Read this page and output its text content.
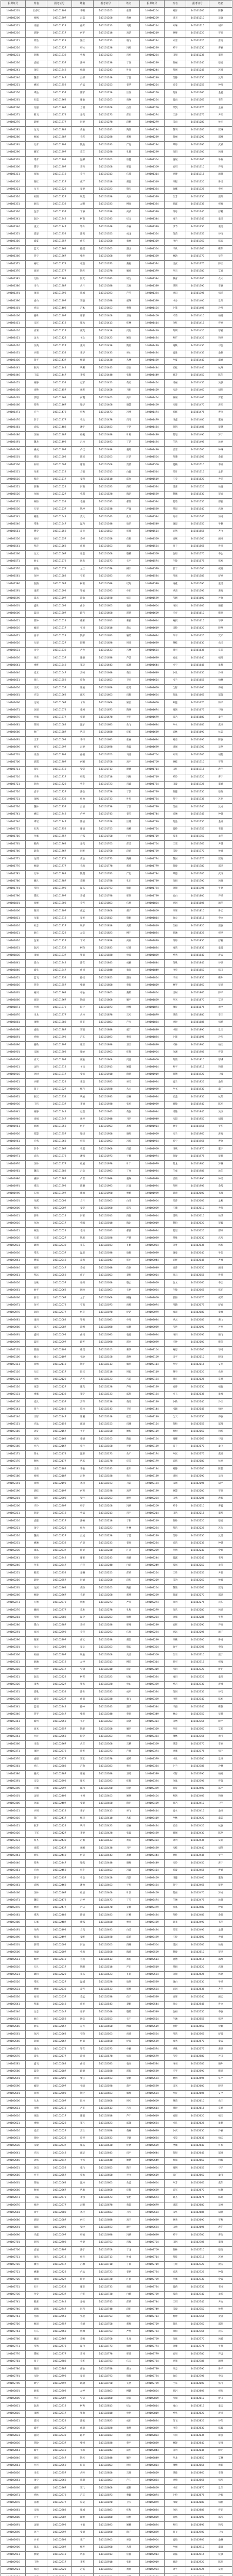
报考证号	姓名	报考证号	姓名	报考证号	姓名	报考证号	姓名	报考证号	姓名
140101201	王春红	140101202	李明	140101203	张伟	140101204	刘洋	140101205	陈静
140101206	杨帆	140101207	赵磊	140101208	黄丽	140101209	周杰	140101210	吴敏
140101211	徐强	140101212	孙芳	140101213	马超	140101214	朱琳	140101215	胡军
140101216	郭静	140101217	何平	140101218	高洁	140101219	林峰	140101220	罗娟
140101221	郑浩	140101222	梁红	140101223	谢飞	140101224	宋雪	140101225	唐亮
140101226	许丹	140101227	韩冰	140101228	冯婷	140101229	邓宇	140101230	曹颖
140101231	彭鹏	140101232	曾梅	140101233	肖勇	140101234	田甜	140101235	董明
140101236	袁媛	140101237	潘涛	140101238	于洋	140101239	蒋丽	140101240	蔡旭
140101241	余佳	140101242	杜鹃	140101243	叶青	140101244	程刚	140101245	苏晴
140101246	魏东	140101247	吕娜	140101248	丁磊	140101249	任静	140101250	沈阳
140101251	姚瑶	140101252	卢斌	140101253	姜华	140101254	崔莹	140101255	钟鸣
140101256	谭晶	140101257	陆军	140101258	汪洋	140101259	范冰	140101260	金鑫
140101261	石磊	140101262	廖敏	140101263	贾琳	140101264	夏雨	140101265	韦伟
140101266	付强	140101267	方圆	140101268	白雪	140101269	邹凯	140101270	孟丽
140101271	熊飞	140101272	秦岚	140101273	邱实	140101274	江涛	140101275	尹红
140101276	薛峰	140101277	闫静	140101278	段鹏	140101279	雷雨	140101280	侯杰
140101281	龙飞	140101282	史敏	140101283	陶然	140101284	黎明	140101285	贺琳
140101286	顾城	140101287	毛雪	140101288	郝帅	140101289	龚丽	140101290	邵峰
140101291	万青	140101292	钱进	140101293	严宽	140101294	覃婷	140101295	武斌
140101296	戴军	140101297	莫言	140101298	孔静	140101299	向阳	140101300	汤圆
140101301	常青	140101302	温馨	140101303	康健	140101304	施展	140101305	牛犇
140101306	樊华	140101307	葛亮	140101308	邢磊	140101309	安琪	140101310	齐鸣
140101311	易航	140101312	乔丹	140101313	伍佳	140101314	庞博	140101315	颜晨
140101316	倪红	140101317	庄严	140101318	聂磊	140101319	章程	140101320	鲁迅
140101321	岳飞	140101322	翟静	140101323	殷实	140101324	詹娜	140101325	申军
140101326	欧阳	140101327	耿直	140101328	关羽	140101329	兰芳	140101330	焦阳
140101331	俞洁	140101332	左明	140101333	柳青	140101334	甘霖	140101335	祝福
140101336	包容	140101337	宁静	140101338	尚武	140101339	符号	140101340	舒畅
140101341	阮玲	140101342	柯南	140101343	纪元	140101344	梅兰	140101345	童瑶
140101346	凌云	140101347	毕升	140101348	单丽	140101349	季节	140101350	裴勇
140101351	霍思	140101352	涂鸦	140101353	成龙	140101354	苗苗	140101355	谷雨
140101356	盛夏	140101357	曲艺	140101358	翁丽	140101359	冉冉	140101360	骆宾
140101361	蓝天	140101362	路遥	140101363	游戈	140101364	辛欣	140101365	靳东
140101366	管宁	140101367	柴进	140101368	蒙恬	140101369	鲍勃	140101370	华佗
140101371	喻红	140101372	祁连	140101373	蒲松	140101374	房玄	140101375	滕王
140101376	屈原	140101377	饶舌	140101378	解放	140101379	牟宗	140101380	艾青
140101381	尤物	140101382	阳光	140101383	时光	140101384	穆青	140101385	农夫
140101386	司马	140101387	古月	140101388	吉祥	140101389	缪斯	140101390	车辆
140101391	项羽	140101392	连城	140101393	芦苇	140101394	麦田	140101395	褚遂
140101396	娄山	140101397	窦娥	140101398	戚继	140101399	岑参	140101400	景阳
140101401	党员	140101402	宫本	140101403	费翔	140101404	卜算	140101405	冷月
140101406	晏殊	140101407	席慕	140101408	卫青	140101409	米芾	140101410	柏杨
140101411	宗泽	140101412	瞿秋	140101413	桂林	140101414	全红	140101415	佟丽
140101416	应采	140101417	臧克	140101418	闵行	140101419	苟利	140101420	邬君
140101421	边关	140101422	卞之	140101423	姬发	140101424	师旷	140101425	和珅
140101426	仇英	140101427	栾川	140101428	隋唐	140101429	商鞅	140101430	刁蛮
140101431	沙僧	140101432	荣华	140101433	巫山	140101434	寇准	140101435	桑葚
140101436	郎平	140101437	甄嬛	140101438	丛林	140101439	仲夏	140101440	虞姬
140101441	敖丙	140101442	巩俐	140101443	宦官	140101444	武松	140101445	杭州
140101446	王磊	140101447	李娜	140101448	张敏	140101449	刘芳	140101450	陈伟
140101451	杨静	140101452	赵军	140101453	黄勇	140101454	周丽	140101455	吴强
140101456	徐艳	140101457	孙杰	140101458	马娟	140101459	朱涛	140101460	胡明
140101461	郭超	140101462	何霞	140101463	高平	140101464	林刚	140101465	罗桂
140101466	郑英	140101467	梁华	140101468	谢慧	140101469	宋建	140101470	唐红
140101471	许兰	140101472	韩秀	140101473	冯燕	140101474	邓辉	140101475	曹玲
140101476	彭宁	140101477	曾欣	140101478	肖冬	140101479	田鑫	140101480	董波
140101481	袁斌	140101482	潘宇	140101483	于浩	140101484	蒋凯	140101485	蔡健
140101486	余俊	140101487	杜帆	140101488	叶帅	140101489	程旭	140101490	苏宁
140101491	魏龙	140101492	吕林	140101493	丁洁	140101494	任浩	140101495	沈亮
140101496	姚成	140101497	卢佳	140101498	姜婷	140101499	崔雪	140101500	钟琳
140101501	谭晨	140101502	陆瑶	140101503	汪洁	140101504	范璐	140101505	金晶
140101506	石妍	140101507	廖茜	140101508	贾倩	140101509	夏楠	140101510	韦娇
140101511	付蕾	140101512	方薇	140101513	白露	140101514	邹月	140101515	孟菲
140101516	熊萍	140101517	秦莉	140101518	邱岚	140101519	江莹	140101520	尹雯
140101521	薛璐	140101522	闫萌	140101523	段昕	140101524	雷蕾	140101525	侯悦
140101526	龙婧	140101527	史琪	140101528	陶冶	140101529	黎曦	140101530	贺岩
140101531	顾盼	140101532	毛毅	140101533	郝然	140101534	龚琦	140101535	邵骏
140101536	万里	140101537	钱坤	140101538	严谨	140101539	覃思	140101540	武德
140101541	戴维	140101542	莫凡	140101543	孔明	140101544	向东	140101545	汤姆
140101546	常胜	140101547	温和	140101548	康乐	140101549	施恩	140101550	牛顿
140101551	樊登	140101552	葛优	140101553	邢捕	140101554	安然	140101555	齐白
140101556	易经	140101557	乔峰	140101558	伍哲	140101559	庞统	140101560	颜回
140101561	倪萍	140101562	庄周	140101563	聂远	140101564	章子	140101565	鲁班
140101566	岳云	140101567	翟墨	140101568	殷桃	140101569	詹姆	140101570	申公
140101571	欧文	140101572	耿忠	140101573	关平	140101574	兰陵	140101575	焦裕
140101576	俞敏	140101577	左丘	140101578	柳宗	140101579	甘宁	140101580	祝融
140101581	包拯	140101582	宁采	140101583	尚可	140101584	符离	140101585	舒婷
140101586	阮籍	140101587	柯岩	140101588	纪昀	140101589	梅花	140101590	童话
140101591	凌霄	140101592	毕福	140101593	单田	140101594	季羡	140101595	裴秀
140101596	霍去	140101597	涂山	140101598	成吉	140101599	苗圃	140101600	谷歌
140101601	盛世	140101602	曲阜	140101603	翁同	140101604	冉闵	140101605	骆驼
140101606	蓝田	140101607	路飞	140101608	游侠	140101609	辛弃	140101610	靳羽
140101611	管仲	140101612	柴荣	140101613	蒙毅	140101614	鲍叔	140101615	华罗
140101616	喻恩	140101617	祁同	140101618	蒲公	140101619	房龄	140101620	滕州
140101621	屈平	140101622	饶平	140101623	解缙	140101624	牟平	140101625	艾米
140101626	尤里	140101627	阳明	140101628	时迁	140101629	穆桂	140101630	农民
140101631	司空	140101632	古龙	140101633	吉林	140101634	缪可	140101635	车前
140101636	项庄	140101637	连横	140101638	芦荟	140101639	麦克	140101640	褚时
140101641	娄烨	140101642	窦骁	140101643	戚薇	140101644	岑宁	140101645	景甜
140101646	党玉	140101647	宫崎	140101648	费玉	140101649	卜凡	140101650	冷锋
140101651	晏几	140101652	席勒	140101653	卫庄	140101654	米兰	140101655	柏林
140101656	宗庆	140101657	瞿颖	140101658	桂纶	140101659	全智	140101660	佟湘
140101661	应昊	140101662	臧天	140101663	闵敏	140101664	苟晶	140101665	邬倩
140101666	边城	140101667	卞和	140101668	姬昌	140101669	师徒	140101670	和平
140101671	仇恨	140101672	栾树	140101673	隋炀	140101674	商汤	140101675	刁德
140101676	沙溢	140101677	荣耀	140101678	巫启	140101679	寇乃	140101680	桑兰
140101681	郎朗	140101682	甄子	140101683	丛飞	140101684	仲永	140101685	虞书
140101686	敖广	140101687	巩汉	140101688	宦娘	140101689	武林	140101690	杭盖
140101691	王芳	140101692	李伟	140101693	张丽	140101694	刘勇	140101695	陈敏
140101696	杨军	140101697	赵静	140101698	黄磊	140101699	周强	140101700	吴艳
140101701	徐杰	140101702	孙娟	140101703	马涛	140101704	朱明	140101705	胡超
140101706	郭霞	140101707	何刚	140101708	高平	140101709	林桂	140101710	罗英
140101711	郑华	140101712	梁慧	140101713	谢建	140101714	宋红	140101715	唐兰
140101716	许秀	140101717	韩燕	140101718	冯辉	140101719	邓玲	140101720	曹宁
140101721	彭欣	140101722	曾冬	140101723	肖鑫	140101724	田波	140101725	董斌
140101726	袁宇	140101727	潘浩	140101728	于凯	140101729	蒋健	140101730	蔡俊
140101731	余帆	140101732	杜帅	140101733	叶旭	140101734	程宁	140101735	苏龙
140101736	魏林	140101737	吕洁	140101738	丁浩	140101739	任亮	140101740	沈成
140101741	姚佳	140101742	卢婷	140101743	姜雪	140101744	崔琳	140101745	钟晨
140101746	谭瑶	140101747	陆洁	140101748	汪璐	140101749	范晶	140101750	金妍
140101751	石茜	140101752	廖倩	140101753	贾楠	140101754	夏娇	140101755	韦蕾
140101756	付薇	140101757	方露	140101758	白月	140101759	邹菲	140101760	孟萍
140101761	熊莉	140101762	秦岚	140101763	邱莹	140101764	江雯	140101765	尹璐
140101766	薛萌	140101767	闫昕	140101768	段蕾	140101769	雷悦	140101770	侯婧
140101771	龙琪	140101772	史冶	140101773	陶曦	140101774	黎岩	140101775	贺盼
140101776	顾毅	140101777	毛然	140101778	郝琦	140101779	龚骏	140101780	邵里
140101781	万坤	140101782	钱谨	140101783	严思	140101784	覃德	140101785	武维
140101786	戴凡	140101787	莫明	140101788	孔东	140101789	向姆	140101790	汤胜
140101791	常和	140101792	温乐	140101793	康恩	140101794	施顿	140101795	牛登
140101796	樊优	140101797	葛捕	140101798	邢然	140101799	安白	140101800	齐经
140101801	易峰	140101802	乔哲	140101803	伍统	140101804	庞回	140101805	颜萍
140101806	倪周	140101807	庄远	140101808	聂子	140101809	章班	140101810	鲁云
140101811	岳墨	140101812	翟桃	140101813	殷姆	140101814	詹公	140101815	申文
140101816	欧忠	140101817	耿平	140101818	关陵	140101819	兰裕	140101820	焦敏
140101821	俞丘	140101822	左宗	140101823	柳宁	140101824	甘融	140101825	祝拯
140101826	包采	140101827	宁可	140101828	尚离	140101829	符婷	140101830	舒籍
140101831	阮岩	140101832	柯昀	140101833	纪花	140101834	梅话	140101835	童霄
140101836	凌福	140101837	毕田	140101838	单羡	140101839	季秀	140101840	裴去
140101841	霍山	140101842	涂吉	140101843	成圃	140101844	苗歌	140101845	谷世
140101846	盛阜	140101847	曲同	140101848	翁闵	140101849	冉驼	140101850	骆田
140101851	蓝飞	140101852	路侠	140101853	游弃	140101854	辛羽	140101855	靳仲
140101856	管荣	140101857	柴毅	140101858	蒙叔	140101859	鲍罗	140101860	华恩
140101861	喻同	140101862	祁公	140101863	蒲龄	140101864	房州	140101865	滕平
140101866	屈饶	140101867	饶缙	140101868	解平	140101869	牟米	140101870	艾里
140101871	尤明	140101872	阳迁	140101873	时桂	140101874	穆民	140101875	农空
140101876	司龙	140101877	古林	140101878	吉可	140101879	缪前	140101880	车庄
140101881	项横	140101882	连荟	140101883	芦克	140101884	麦时	140101885	褚烨
140101886	娄骁	140101887	窦薇	140101888	戚宁	140101889	岑甜	140101890	景玉
140101891	党崎	140101892	宫玉	140101893	费凡	140101894	卜锋	140101895	冷几
140101896	晏勒	140101897	席庄	140101898	卫兰	140101899	米林	140101900	柏庆
140101901	宗颖	140101902	瞿纶	140101903	桂智	140101904	全湘	140101905	佟昊
140101906	应天	140101907	臧敏	140101908	闵晶	140101909	苟倩	140101910	邬城
140101911	边和	140101912	卞昌	140101913	姬徒	140101914	师平	140101915	和恨
140101916	仇树	140101917	栾炀	140101918	隋汤	140101919	商德	140101920	刁溢
140101921	沙耀	140101922	荣启	140101923	巫乃	140101924	寇兰	140101925	桑朗
140101926	郎子	140101927	甄飞	140101928	丛永	140101929	仲书	140101930	虞广
140101931	敖汉	140101932	巩娘	140101933	宦林	140101934	武盖	140101935	杭芳
140101936	王伟	140101937	李丽	140101938	张勇	140101939	刘敏	140101940	陈军
140101941	杨静	140101942	赵磊	140101943	黄强	140101944	周艳	140101945	吴杰
140101946	徐娟	140101947	孙涛	140101948	马明	140101949	朱超	140101950	胡霞
140101951	郭刚	140101952	何平	140101953	高桂	140101954	林英	140101955	罗华
140101956	郑慧	140101957	梁建	140101958	谢红	140101959	宋兰	140101960	唐秀
140101961	许燕	140101962	韩辉	140101963	冯玲	140101964	邓宁	140101965	曹欣
140101966	彭冬	140101967	曾鑫	140101968	肖波	140101969	田斌	140101970	董宇
140101971	袁浩	140101972	潘凯	140101973	于健	140101974	蒋俊	140101975	蔡帆
140101976	余帅	140101977	杜旭	140101978	叶宁	140101979	程龙	140101980	苏林
140101981	魏洁	140101982	吕浩	140101983	丁亮	140101984	任成	140101985	沈佳
140101986	姚婷	140101987	卢雪	140101988	姜琳	140101989	崔晨	140101990	钟瑶
140101991	谭洁	140101992	陆璐	140101993	汪晶	140101994	范妍	140101995	金茜
140101996	石倩	140101997	廖楠	140101998	贾娇	140101999	夏蕾	140102000	韦薇
140102001	付露	140102002	方月	140102003	白菲	140102004	邹萍	140102005	孟莉
140102006	熊岚	140102007	秦莹	140102008	邱雯	140102009	江璐	140102010	尹萌
140102011	薛昕	140102012	闫蕾	140102013	段悦	140102014	雷婧	140102015	侯琪
140102016	龙冶	140102017	史曦	140102018	陶岩	140102019	黎盼	140102020	贺毅
140102021	顾然	140102022	毛琦	140102023	郝骏	140102024	龚里	140102025	邵坤
140102026	万谨	140102027	钱思	140102028	严德	140102029	覃维	140102030	武凡
140102031	戴明	140102032	莫东	140102033	孔姆	140102034	向胜	140102035	汤和
140102036	常乐	140102037	温恩	140102038	康顿	140102039	施登	140102040	牛优
140102041	樊捕	140102042	葛然	140102043	邢白	140102044	安经	140102045	齐峰
140102046	易哲	140102047	乔统	140102048	伍回	140102049	庞萍	140102050	颜周
140102051	倪远	140102052	庄子	140102053	聂班	140102054	章云	140102055	鲁墨
140102056	岳桃	140102057	翟姆	140102058	殷公	140102059	詹文	140102060	申忠
140102061	欧平	140102062	耿陵	140102063	关裕	140102064	兰敏	140102065	焦丘
140102066	俞宗	140102067	左宁	140102068	柳融	140102069	甘拯	140102070	祝采
140102071	包可	140102072	宁离	140102073	尚婷	140102074	符籍	140102075	舒岩
140102076	阮昀	140102077	柯花	140102078	纪话	140102079	梅霄	140102080	童福
140102081	凌田	140102082	毕羡	140102083	单秀	140102084	季去	140102085	裴山
140102086	霍吉	140102087	涂圃	140102088	成歌	140102089	苗世	140102090	谷阜
140102091	盛同	140102092	曲闵	140102093	翁驼	140102094	冉田	140102095	骆飞
140102096	蓝侠	140102097	路弃	140102098	游羽	140102099	辛仲	140102100	靳荣
140102101	管毅	140102102	柴叔	140102103	蒙罗	140102104	鲍恩	140102105	华同
140102106	喻公	140102107	祁龄	140102108	蒲州	140102109	房平	140102110	滕饶
140102111	屈缙	140102112	饶平	140102113	解米	140102114	牟里	140102115	艾明
140102116	尤迁	140102117	阳桂	140102118	时民	140102119	穆空	140102120	农龙
140102121	司林	140102122	古可	140102123	吉前	140102124	缪庄	140102125	车横
140102126	项荟	140102127	连克	140102128	芦时	140102129	麦烨	140102130	褚骁
140102131	娄薇	140102132	窦宁	140102133	戚甜	140102134	岑玉	140102135	景崎
140102136	党凡	140102137	宫锋	140102138	费几	140102139	卜勒	140102140	冷庄
140102141	晏兰	140102142	席林	140102143	卫庆	140102144	米颖	140102145	柏纶
140102146	宗智	140102147	瞿湘	140102148	桂昊	140102149	全天	140102150	佟敏
140102151	应晶	140102152	臧倩	140102153	闵城	140102154	苟和	140102155	邬昌
140102156	边徒	140102157	卞平	140102158	姬恨	140102159	师树	140102160	和炀
140102161	仇汤	140102162	栾德	140102163	隋溢	140102164	商耀	140102165	刁启
140102166	沙乃	140102167	荣兰	140102168	巫朗	140102169	寇子	140102170	桑飞
140102171	郎永	140102172	甄书	140102173	丛广	140102174	仲汉	140102175	虞娘
140102176	敖林	140102177	巩盖	140102178	宦芳	140102179	武伟	140102180	杭丽
140102181	王勇	140102182	李敏	140102183	张军	140102184	刘静	140102185	陈磊
140102186	杨强	140102187	赵艳	140102188	黄杰	140102189	周娟	140102190	吴涛
140102191	徐明	140102192	孙超	140102193	马霞	140102194	朱刚	140102195	胡平
140102196	郭桂	140102197	何英	140102198	高华	140102199	林慧	140102200	罗建
140102201	郑红	140102202	梁兰	140102203	谢秀	140102204	宋燕	140102205	唐辉
140102206	许玲	140102207	韩宁	140102208	冯欣	140102209	邓冬	140102210	曹鑫
140102211	彭波	140102212	曾斌	140102213	肖宇	140102214	田浩	140102215	董凯
140102216	袁健	140102217	潘俊	140102218	于帆	140102219	蒋帅	140102220	蔡旭
140102221	余宁	140102222	杜龙	140102223	叶林	140102224	程洁	140102225	苏浩
140102226	魏亮	140102227	吕成	140102228	丁佳	140102229	任婷	140102230	沈雪
140102231	姚琳	140102232	卢晨	140102233	姜瑶	140102234	崔洁	140102235	钟璐
140102236	谭晶	140102237	陆妍	140102238	汪茜	140102239	范倩	140102240	金楠
140102241	石娇	140102242	廖蕾	140102243	贾薇	140102244	夏露	140102245	韦月
140102246	付菲	140102247	方萍	140102248	白莉	140102249	邹岚	140102250	孟莹
140102251	熊雯	140102252	秦璐	140102253	邱萌	140102254	江昕	140102255	尹蕾
140102256	薛悦	140102257	闫婧	140102258	段琪	140102259	雷冶	140102260	侯曦
140102261	龙岩	140102262	史盼	140102263	陶毅	140102264	黎然	140102265	贺琦
140102266	顾骏	140102267	毛里	140102268	郝坤	140102269	龚谨	140102270	邵思
140102271	万德	140102272	钱维	140102273	严凡	140102274	覃明	140102275	武东
140102276	戴姆	140102277	莫胜	140102278	孔和	140102279	向乐	140102280	汤恩
140102281	常顿	140102282	温登	140102283	康优	140102284	施捕	140102285	牛然
140102286	樊白	140102287	葛经	140102288	邢峰	140102289	安哲	140102290	齐统
140102291	易回	140102292	乔萍	140102293	伍周	140102294	庞远	140102295	颜子
140102296	倪班	140102297	庄云	140102298	聂墨	140102299	章桃	140102300	鲁姆
140102301	岳公	140102302	翟文	140102303	殷忠	140102304	詹平	140102305	申陵
140102306	欧裕	140102307	耿敏	140102308	关丘	140102309	兰宗	140102310	焦宁
140102311	俞融	140102312	左拯	140102313	柳采	140102314	甘可	140102315	祝离
140102316	包婷	140102317	宁籍	140102318	尚岩	140102319	符昀	140102320	舒花
140102321	阮话	140102322	柯霄	140102323	纪福	140102324	梅田	140102325	童羡
140102326	凌秀	140102327	毕去	140102328	单山	140102329	季吉	140102330	裴圃
140102331	霍歌	140102332	涂世	140102333	成阜	140102334	苗同	140102335	谷闵
140102336	盛驼	140102337	曲田	140102338	翁飞	140102339	冉侠	140102340	骆弃
140102341	蓝羽	140102342	路仲	140102343	游荣	140102344	辛毅	140102345	靳叔
140102346	管罗	140102347	柴恩	140102348	蒙同	140102349	鲍公	140102350	华龄
140102351	喻州	140102352	祁平	140102353	蒲饶	140102354	房缙	140102355	滕平
140102356	屈米	140102357	饶里	140102358	解明	140102359	牟迁	140102360	艾桂
140102361	尤民	140102362	阳空	140102363	时龙	140102364	穆林	140102365	农可
140102366	司前	140102367	古庄	140102368	吉横	140102369	缪荟	140102370	车克
140102371	项时	140102372	连烨	140102373	芦骁	140102374	麦薇	140102375	褚宁
140102376	娄甜	140102377	窦玉	140102378	戚崎	140102379	岑凡	140102380	景锋
140102381	党几	140102382	宫勒	140102383	费庄	140102384	卜兰	140102385	冷林
140102386	晏庆	140102387	席颖	140102388	卫纶	140102389	米智	140102390	柏湘
140102391	宗昊	140102392	瞿天	140102393	桂敏	140102394	全晶	140102395	佟倩
140102396	应城	140102397	臧和	140102398	闵昌	140102399	苟徒	140102400	邬平
140102401	边恨	140102402	卞树	140102403	姬炀	140102404	师汤	140102405	和德
140102406	仇溢	140102407	栾耀	140102408	隋启	140102409	商乃	140102410	刁兰
140102411	沙朗	140102412	荣子	140102413	巫飞	140102414	寇永	140102415	桑书
140102416	郎广	140102417	甄汉	140102418	丛娘	140102419	仲林	140102420	虞盖
140102421	敖芳	140102422	巩伟	140102423	宦丽	140102424	武勇	140102425	杭敏
140102426	王军	140102427	李静	140102428	张磊	140102429	刘强	140102430	陈艳
140102431	杨杰	140102432	赵娟	140102433	黄涛	140102434	周明	140102435	吴超
140102436	徐霞	140102437	孙刚	140102438	马平	140102439	朱桂	140102440	胡英
140102441	郭华	140102442	何慧	140102443	高建	140102444	林红	140102445	罗兰
140102446	郑秀	140102447	梁燕	140102448	谢辉	140102449	宋玲	140102450	唐宁
140102451	许欣	140102452	韩冬	140102453	冯鑫	140102454	邓波	140102455	曹斌
140102456	彭宇	140102457	曾浩	140102458	肖凯	140102459	田健	140102460	董俊
140102461	袁帆	140102462	潘帅	140102463	于旭	140102464	蒋宁	140102465	蔡龙
140102466	余林	140102467	杜洁	140102468	叶浩	140102469	程亮	140102470	苏成
140102471	魏佳	140102472	吕婷	140102473	丁雪	140102474	任琳	140102475	沈晨
140102476	姚瑶	140102477	卢洁	140102478	姜璐	140102479	崔晶	140102480	钟妍
140102481	谭茜	140102482	陆倩	140102483	汪楠	140102484	范娇	140102485	金蕾
140102486	石薇	140102487	廖露	140102488	贾月	140102489	夏菲	140102490	韦萍
140102491	付莉	140102492	方岚	140102493	白莹	140102494	邹雯	140102495	孟璐
140102496	熊萌	140102497	秦昕	140102498	邱蕾	140102499	江悦	140102500	尹婧
140102501	薛琪	140102502	闫冶	140102503	段曦	140102504	雷岩	140102505	侯盼
140102506	龙毅	140102507	史然	140102508	陶琦	140102509	黎骏	140102510	贺里
140102511	顾坤	140102512	毛谨	140102513	郝思	140102514	龚德	140102515	邵维
140102516	万凡	140102517	钱明	140102518	严东	140102519	覃姆	140102520	武胜
140102521	戴和	140102522	莫乐	140102523	孔恩	140102524	向顿	140102525	汤登
140102526	常优	140102527	温捕	140102528	康然	140102529	施白	140102530	牛经
140102531	樊峰	140102532	葛哲	140102533	邢统	140102534	安回	140102535	齐萍
140102536	易周	140102537	乔远	140102538	伍子	140102539	庞班	140102540	颜云
140102541	倪墨	140102542	庄桃	140102543	聂姆	140102544	章公	140102545	鲁文
140102546	岳忠	140102547	翟平	140102548	殷陵	140102549	詹裕	140102550	申敏
140102551	欧丘	140102552	耿宗	140102553	关宁	140102554	兰融	140102555	焦拯
140102556	俞采	140102557	左可	140102558	柳离	140102559	甘婷	140102560	祝籍
140102561	包岩	140102562	宁昀	140102563	尚花	140102564	符话	140102565	舒霄
140102566	阮福	140102567	柯田	140102568	纪羡	140102569	梅秀	140102570	童去
140102571	凌山	140102572	毕吉	140102573	单圃	140102574	季歌	140102575	裴世
140102576	霍阜	140102577	涂同	140102578	成闵	140102579	苗驼	140102580	谷田
140102581	盛飞	140102582	曲侠	140102583	翁弃	140102584	冉羽	140102585	骆仲
140102586	蓝荣	140102587	路毅	140102588	游叔	140102589	辛罗	140102590	靳恩
140102591	管同	140102592	柴公	140102593	蒙龄	140102594	鲍州	140102595	华平
140102596	喻饶	140102597	祁缙	140102598	蒲平	140102599	房米	140102600	滕里
140102601	屈明	140102602	饶迁	140102603	解桂	140102604	牟民	140102605	艾空
140102606	尤龙	140102607	阳林	140102608	时可	140102609	穆前	140102610	农庄
140102611	司横	140102612	古荟	140102613	吉克	140102614	缪时	140102615	车烨
140102616	项骁	140102617	连薇	140102618	芦宁	140102619	麦甜	140102620	褚玉
140102621	娄崎	140102622	窦凡	140102623	戚锋	140102624	岑几	140102625	景勒
140102626	党庄	140102627	宫兰	140102628	费林	140102629	卜庆	140102630	冷颖
140102631	晏纶	140102632	席智	140102633	卫湘	140102634	米昊	140102635	柏天
140102636	宗敏	140102637	瞿晶	140102638	桂倩	140102639	全城	140102640	佟和
140102641	应昌	140102642	臧徒	140102643	闵平	140102644	苟恨	140102645	邬树
140102646	边炀	140102647	卞汤	140102648	姬德	140102649	师溢	140102650	和耀
140102651	仇启	140102652	栾乃	140102653	隋兰	140102654	商朗	140102655	刁子
140102656	沙飞	140102657	荣永	140102658	巫书	140102659	寇广	140102660	桑汉
140102661	郎娘	140102662	甄林	140102663	丛盖	140102664	仲芳	140102665	虞伟
140102666	敖丽	140102667	巩勇	140102668	宦敏	140102669	武军	140102670	杭静
140102671	王磊	140102672	李强	140102673	张艳	140102674	刘杰	140102675	陈娟
140102676	杨涛	140102677	赵明	140102678	黄超	140102679	周霞	140102680	吴刚
140102681	徐平	140102682	孙桂	140102683	马英	140102684	朱华	140102685	胡慧
140102686	郭建	140102687	何红	140102688	高兰	140102689	林秀	140102690	罗燕
140102691	郑辉	140102692	梁玲	140102693	谢宁	140102694	宋欣	140102695	唐冬
140102696	许鑫	140102697	韩波	140102698	冯斌	140102699	邓宇	140102700	曹浩
140102701	彭凯	140102702	曾健	140102703	肖俊	140102704	田帆	140102705	董帅
140102706	袁旭	140102707	潘宁	140102708	于龙	140102709	蒋林	140102710	蔡洁
140102711	余浩	140102712	杜亮	140102713	叶成	140102714	程佳	140102715	苏婷
140102716	魏雪	140102717	吕琳	140102718	丁晨	140102719	任瑶	140102720	沈洁
140102721	姚璐	140102722	卢晶	140102723	姜妍	140102724	崔茜	140102725	钟倩
140102726	谭楠	140102727	陆娇	140102728	汪蕾	140102729	范薇	140102730	金露
140102731	石月	140102732	廖菲	140102733	贾萍	140102734	夏莉	140102735	韦岚
140102736	付莹	140102737	方雯	140102738	白璐	140102739	邹萌	140102740	孟昕
140102741	熊蕾	140102742	秦悦	140102743	邱婧	140102744	江琪	140102745	尹冶
140102746	薛曦	140102747	闫岩	140102748	段盼	140102749	雷毅	140102750	侯然
140102751	龙琦	140102752	史骏	140102753	陶里	140102754	黎坤	140102755	贺谨
140102756	顾思	140102757	毛德	140102758	郝维	140102759	龚凡	140102760	邵明
140102761	万东	140102762	钱姆	140102763	严胜	140102764	覃和	140102765	武乐
140102766	戴恩	140102767	莫顿	140102768	孔登	140102769	向优	140102770	汤捕
140102771	常然	140102772	温白	140102773	康经	140102774	施峰	140102775	牛哲
140102776	樊统	140102777	葛回	140102778	邢萍	140102779	安周	140102780	齐远
140102781	易子	140102782	乔班	140102783	伍云	140102784	庞墨	140102785	颜桃
140102786	倪姆	140102787	庄公	140102788	聂文	140102789	章忠	140102790	鲁平
140102791	岳陵	140102792	翟裕	140102793	殷敏	140102794	詹丘	140102795	申宗
140102796	欧宁	140102797	耿融	140102798	关拯	140102799	兰采	140102800	焦可
140102801	俞离	140102802	左婷	140102803	柳籍	140102804	甘岩	140102805	祝昀
140102806	包花	140102807	宁话	140102808	尚霄	140102809	符福	140102810	舒田
140102811	阮羡	140102812	柯秀	140102813	纪去	140102814	梅山	140102815	童吉
140102816	凌圃	140102817	毕歌	140102818	单世	140102819	季阜	140102820	裴同
140102821	霍闵	140102822	涂驼	140102823	成田	140102824	苗飞	140102825	谷侠
140102826	盛弃	140102827	曲羽	140102828	翁仲	140102829	冉荣	140102830	骆毅
140102831	蓝叔	140102832	路罗	140102833	游恩	140102834	辛同	140102835	靳公
140102836	管龄	140102837	柴州	140102838	蒙平	140102839	鲍饶	140102840	华缙
140102841	喻平	140102842	祁米	140102843	蒲里	140102844	房明	140102845	滕迁
140102846	屈桂	140102847	饶民	140102848	解空	140102849	牟龙	140102850	艾林
140102851	尤可	140102852	阳前	140102853	时庄	140102854	穆横	140102855	农荟
140102856	司克	140102857	古时	140102858	吉烨	140102859	缪骁	140102860	车薇
140102861	项宁	140102862	连甜	140102863	芦玉	140102864	麦崎	140102865	褚凡
140102866	娄锋	140102867	窦几	140102868	戚勒	140102869	岑庄	140102870	景兰
140102871	党林	140102872	宫庆	140102873	费颖	140102874	卜纶	140102875	冷智
140102876	晏湘	140102877	席昊	140102878	卫天	140102879	米敏	140102880	柏晶
140102881	宗倩	140102882	瞿城	140102883	桂和	140102884	全昌	140102885	佟徒
140102886	应平	140102887	臧恨	140102888	闵树	140102889	苟炀	140102890	邬汤
140102891	边德	140102892	卞溢	140102893	姬耀	140102894	师启	140102895	和乃
140102896	仇兰	140102897	栾朗	140102898	隋子	140102899	商飞	140102900	刁永
140102901	沙书	140102902	荣广	140102903	巫汉	140102904	寇娘	140102905	桑林
140102906	郎盖	140102907	甄芳	140102908	丛伟	140102909	仲丽	140102910	虞勇
140102911	敖敏	140102912	巩军	140102913	宦静	140102914	武磊	140102915	杭强
140102916	王艳	140102917	李杰	140102918	张娟	140102919	刘涛	140102920	陈明
140102921	杨超	140102922	赵霞	140102923	黄刚	140102924	周平	140102925	吴桂
